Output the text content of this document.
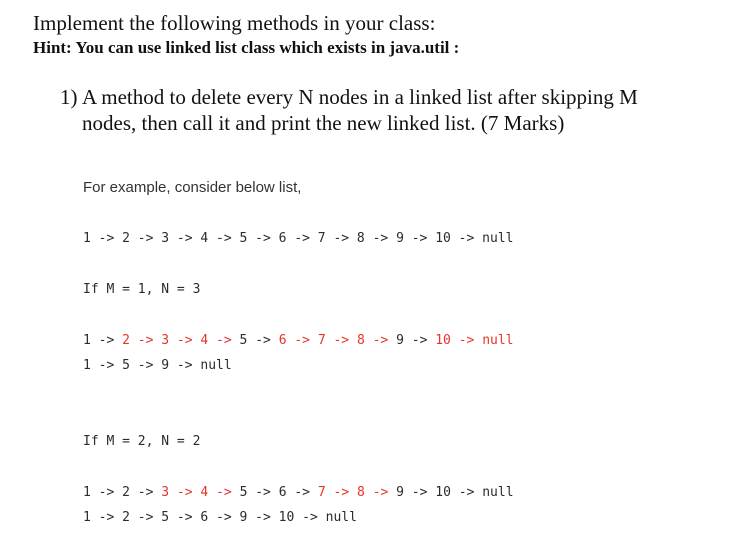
Implement the following methods in your class:
Hint: You can use linked list class which exists in java.util :
1) A method to delete every N nodes in a linked list after skipping M
nodes, then call it and print the new linked list. (7 Marks)
For example, consider below list,
1 -> 2 -> 3 -> 4 -> 5 -> 6 -> 7 -> 8 -> 9 -> 10 -> null
If M = 1, N = 3
1 -> 2 -> 3 -> 4 -> 5 -> 6 -> 7 -> 8 -> 9 -> 10 -> null
1 -> 5 -> 9 -> null
If M = 2, N = 2
1 -> 2 -> 3 -> 4 -> 5 -> 6 -> 7 -> 8 -> 9 -> 10 -> null
1 -> 2 -> 5 -> 6 -> 9 -> 10 -> null
